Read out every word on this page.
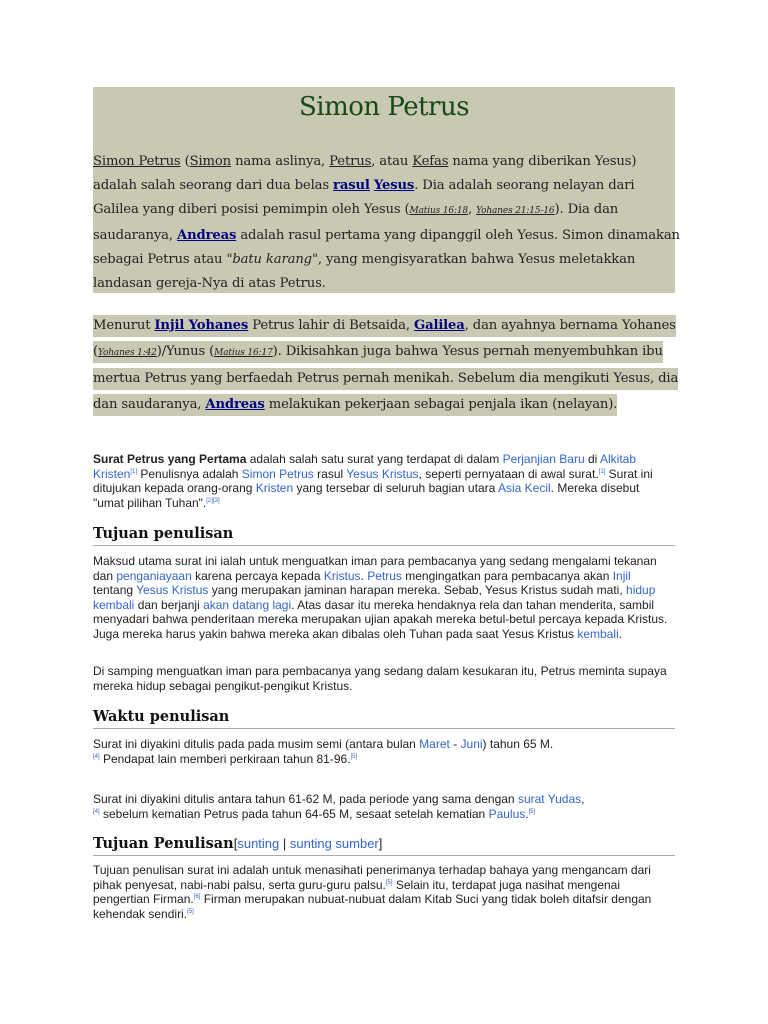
Simon Petrus
Simon Petrus (Simon nama aslinya, Petrus, atau Kefas nama yang diberikan Yesus) adalah salah seorang dari dua belas rasul Yesus. Dia adalah seorang nelayan dari Galilea yang diberi posisi pemimpin oleh Yesus (Matius 16:18, Yohanes 21:15-16). Dia dan saudaranya, Andreas adalah rasul pertama yang dipanggil oleh Yesus. Simon dinamakan sebagai Petrus atau "batu karang", yang mengisyaratkan bahwa Yesus meletakkan landasan gereja-Nya di atas Petrus.
Menurut Injil Yohanes Petrus lahir di Betsaida, Galilea, dan ayahnya bernama Yohanes (Yohanes 1:42)/Yunus (Matius 16:17). Dikisahkan juga bahwa Yesus pernah menyembuhkan ibu mertua Petrus yang berfaedah Petrus pernah menikah. Sebelum dia mengikuti Yesus, dia dan saudaranya, Andreas melakukan pekerjaan sebagai penjala ikan (nelayan).
Surat Petrus yang Pertama adalah salah satu surat yang terdapat di dalam Perjanjian Baru di Alkitab Kristen[1] Penulisnya adalah Simon Petrus rasul Yesus Kristus, seperti pernyataan di awal surat.[1] Surat ini ditujukan kepada orang-orang Kristen yang tersebar di seluruh bagian utara Asia Kecil. Mereka disebut "umat pilihan Tuhan".[2][3]
Tujuan penulisan
Maksud utama surat ini ialah untuk menguatkan iman para pembacanya yang sedang mengalami tekanan dan penganiayaan karena percaya kepada Kristus. Petrus mengingatkan para pembacanya akan Injil tentang Yesus Kristus yang merupakan jaminan harapan mereka. Sebab, Yesus Kristus sudah mati, hidup kembali dan berjanji akan datang lagi. Atas dasar itu mereka hendaknya rela dan tahan menderita, sambil menyadari bahwa penderitaan mereka merupakan ujian apakah mereka betul-betul percaya kepada Kristus. Juga mereka harus yakin bahwa mereka akan dibalas oleh Tuhan pada saat Yesus Kristus kembali.
Di samping menguatkan iman para pembacanya yang sedang dalam kesukaran itu, Petrus meminta supaya mereka hidup sebagai pengikut-pengikut Kristus.
Waktu penulisan
Surat ini diyakini ditulis pada pada musim semi (antara bulan Maret - Juni) tahun 65 M.
[4] Pendapat lain memberi perkiraan tahun 81-96.[5]
Surat ini diyakini ditulis antara tahun 61-62 M, pada periode yang sama dengan surat Yudas,
[4] sebelum kematian Petrus pada tahun 64-65 M, sesaat setelah kematian Paulus.[5]
Tujuan Penulisan[sunting | sunting sumber]
Tujuan penulisan surat ini adalah untuk menasihati penerimanya terhadap bahaya yang mengancam dari pihak penyesat, nabi-nabi palsu, serta guru-guru palsu.[5] Selain itu, terdapat juga nasihat mengenai pengertian Firman.[6] Firman merupakan nubuat-nubuat dalam Kitab Suci yang tidak boleh ditafsir dengan kehendak sendiri.[5]
